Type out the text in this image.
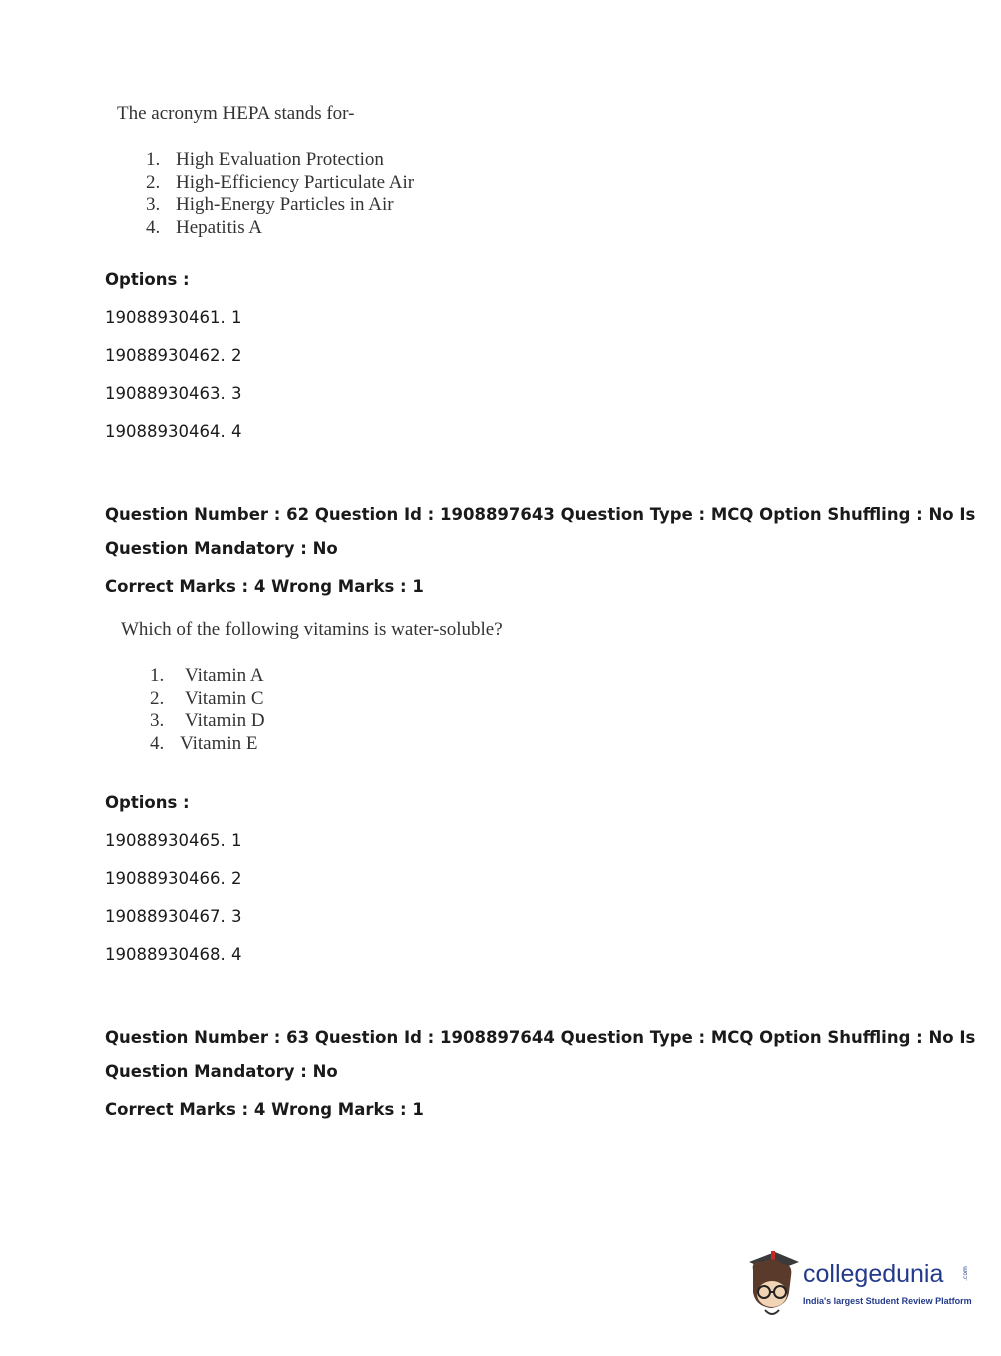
The acronym HEPA stands for-
1. High Evaluation Protection
2. High-Efficiency Particulate Air
3. High-Energy Particles in Air
4. Hepatitis A
Options :
19088930461. 1
19088930462. 2
19088930463. 3
19088930464. 4
Question Number : 62 Question Id : 1908897643 Question Type : MCQ Option Shuffling : No Is
Question Mandatory : No
Correct Marks : 4 Wrong Marks : 1
Which of the following vitamins is water-soluble?
1. Vitamin A
2. Vitamin C
3. Vitamin D
4. Vitamin E
Options :
19088930465. 1
19088930466. 2
19088930467. 3
19088930468. 4
Question Number : 63 Question Id : 1908897644 Question Type : MCQ Option Shuffling : No Is
Question Mandatory : No
Correct Marks : 4 Wrong Marks : 1
collegedunia	.com
India's largest Student Review Platform
